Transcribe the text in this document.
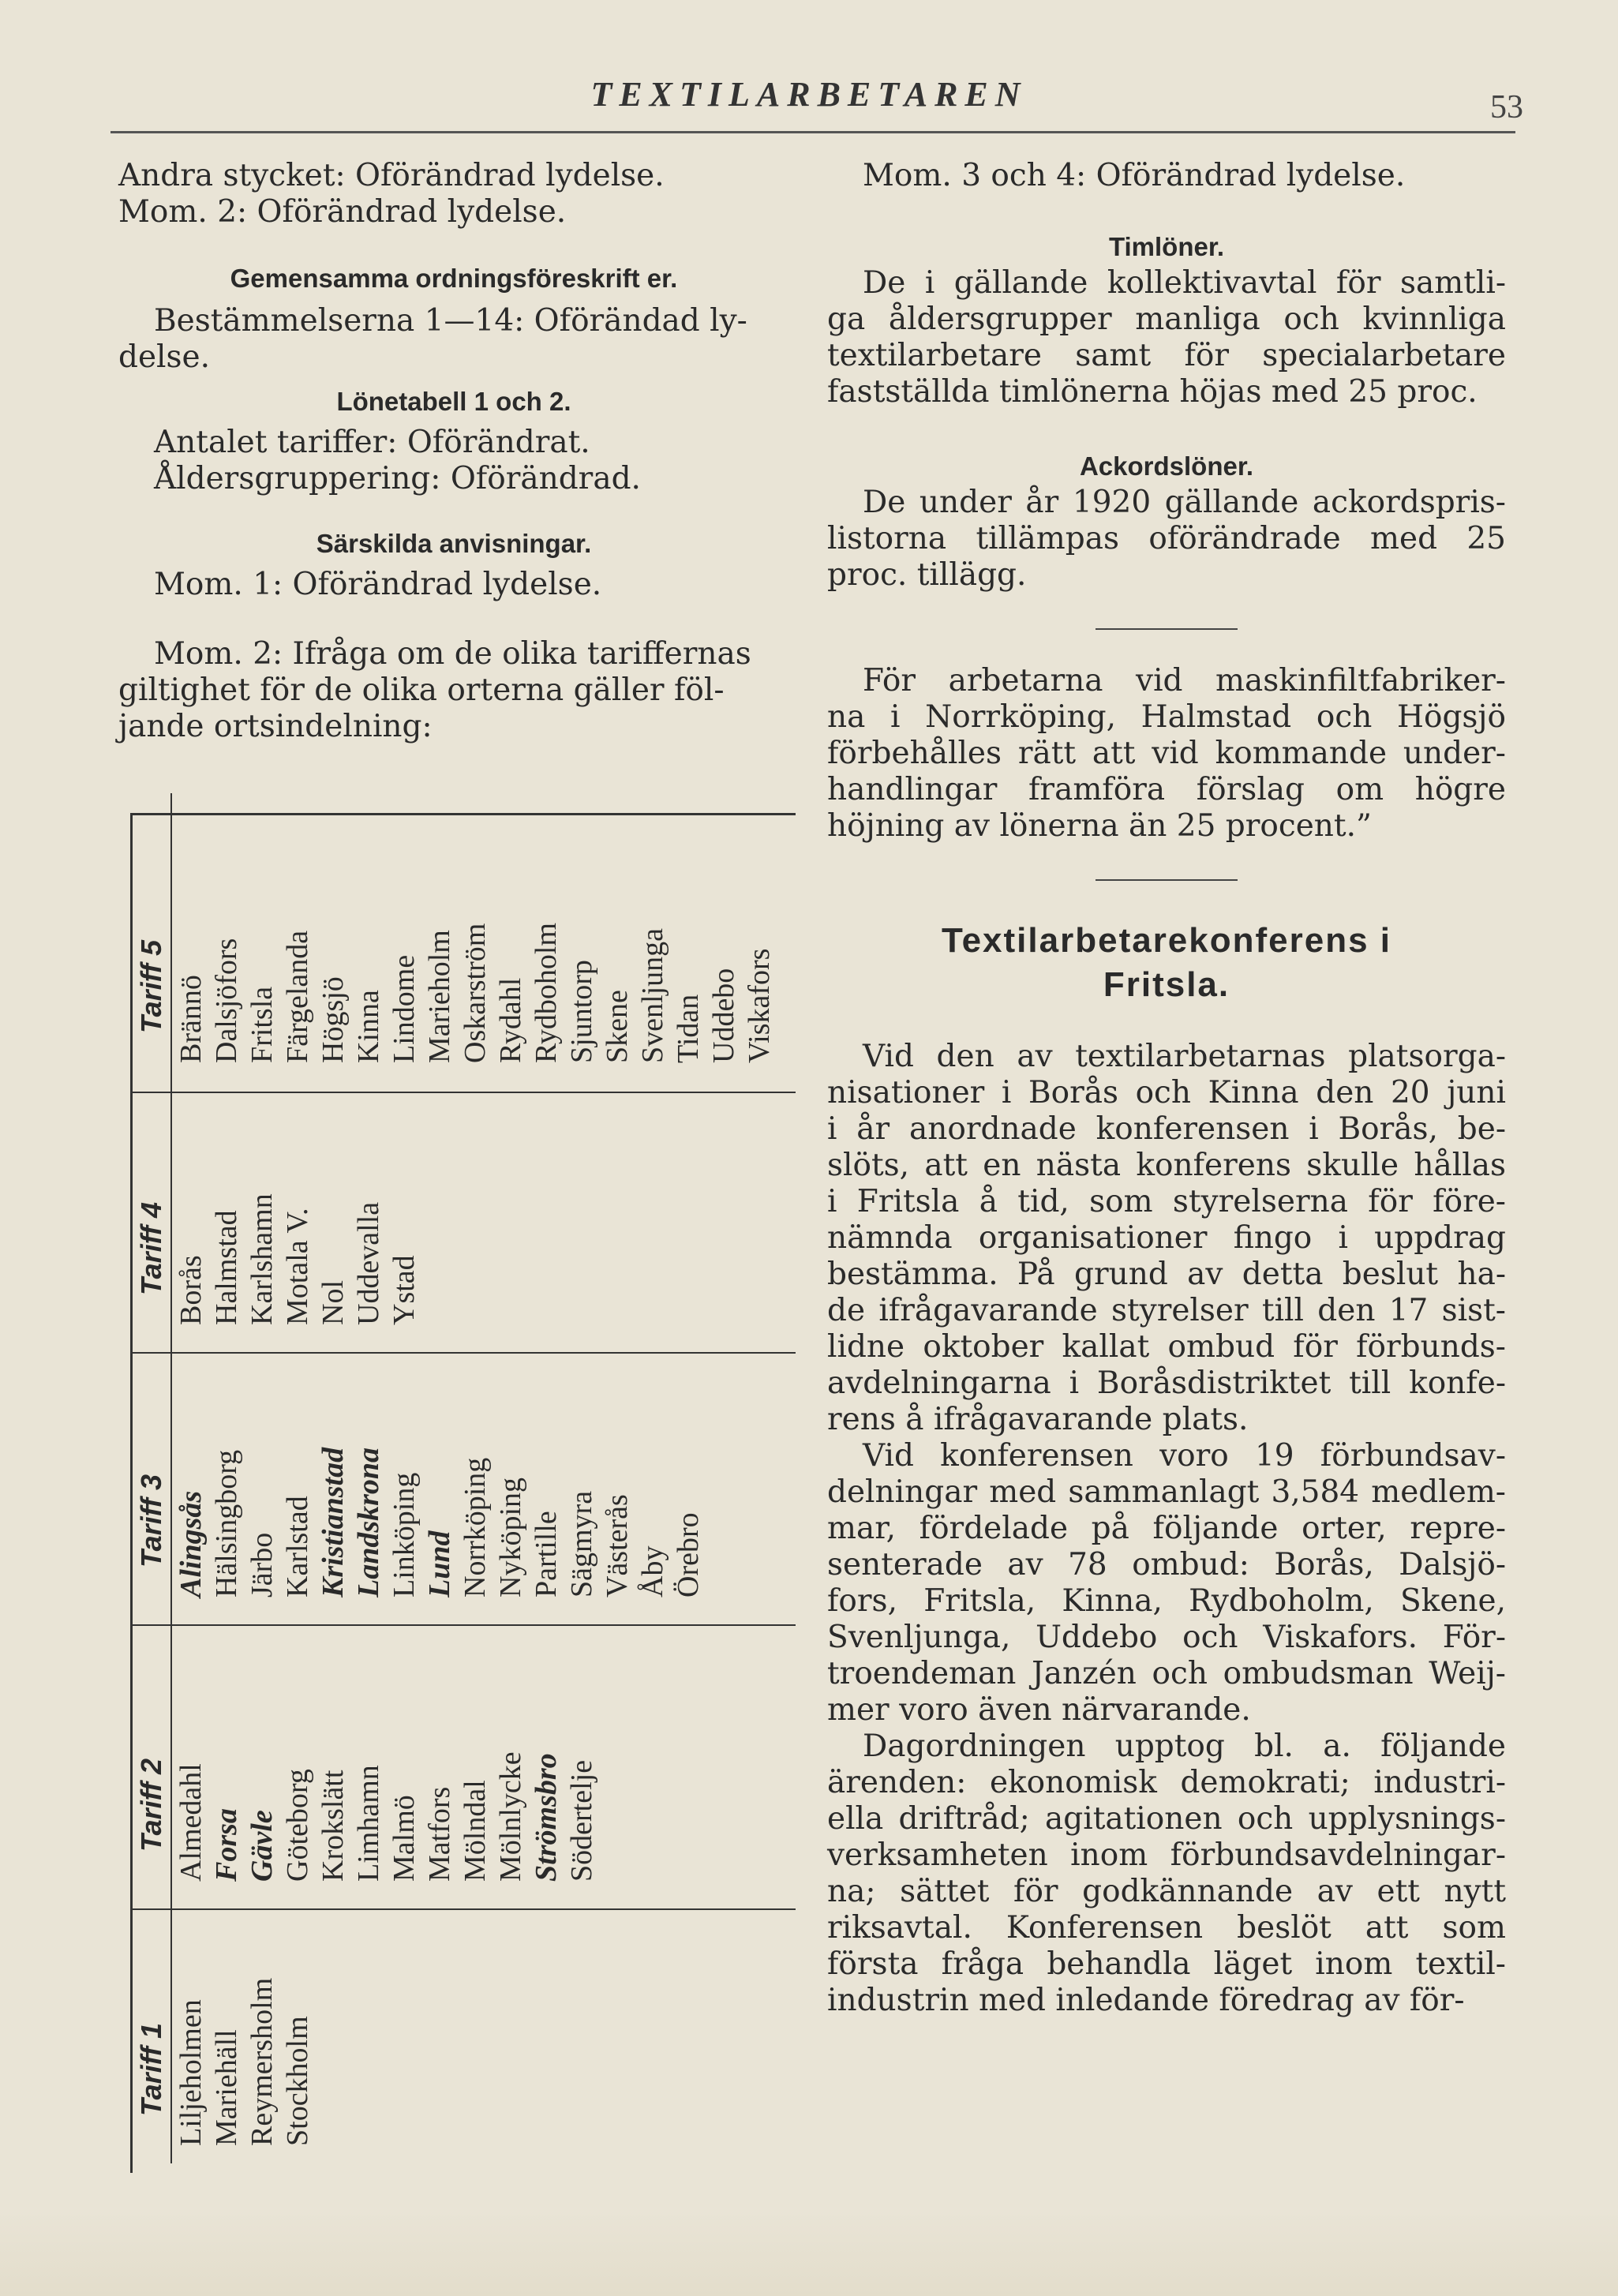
TEXTILARBETAREN	53

Andra stycket: Oförändrad lydelse.

Mom. 2: Oförändrad lydelse.

Gemensamma ordningsföreskrift er.

Bestämmelserna 1—14: Oförändad ly-

delse.

Lönetabell 1 och 2.

Antalet tariffer: Oförändrat.

Åldersgruppering: Oförändrad.

Särskilda anvisningar.

Mom. 1: Oförändrad lydelse.

Mom. 2: Ifråga om de olika tariffernas

giltighet för de olika orterna gäller föl-

jande ortsindelning:

Tariff 5 Brännö Dalsjöfors Fritsla Färgelanda Högsjö Kinna Lindome Marieholm Oskarström Rydahl Rydboholm Sjuntorp Skene Svenljunga Tidan Uddebo Viskafors
Tariff 4 Borås Halmstad Karlshamn Motala V. Nol Uddevalla Ystad
Tariff 3 Alingsås Hälsingborg Järbo Karlstad Kristianstad Landskrona Linköping Lund Norrköping Nyköping Partille Sägmyra Västerås Åby Örebro
Tariff 2 Almedahl Forsa Gävle Göteborg Krokslätt Limhamn Malmö Matfors Mölndal Mölnlycke Strömsbro Södertelje
Tariff 1 Liljeholmen Mariehäll Reymersholm Stockholm

Mom. 3 och 4: Oförändrad lydelse.

Timlöner.

De i gällande kollektivavtal för samtli-

ga åldersgrupper manliga och kvinnliga

textilarbetare samt för specialarbetare

fastställda timlönerna höjas med 25 proc.

Ackordslöner.

De under år 1920 gällande ackordspris-

listorna tillämpas oförändrade med 25

proc. tillägg.

För arbetarna vid maskinfiltfabriker-

na i Norrköping, Halmstad och Högsjö

förbehålles rätt att vid kommande under-

handlingar framföra förslag om högre

höjning av lönerna än 25 procent.”

Textilarbetarekonferens i

Fritsla.

Vid den av textilarbetarnas platsorga-

nisationer i Borås och Kinna den 20 juni

i år anordnade konferensen i Borås, be-

slöts, att en nästa konferens skulle hållas

i Fritsla å tid, som styrelserna för före-

nämnda organisationer fingo i uppdrag

bestämma. På grund av detta beslut ha-

de ifrågavarande styrelser till den 17 sist-

lidne oktober kallat ombud för förbunds-

avdelningarna i Boråsdistriktet till konfe-

rens å ifrågavarande plats.

Vid konferensen voro 19 förbundsav-

delningar med sammanlagt 3,584 medlem-

mar, fördelade på följande orter, repre-

senterade av 78 ombud: Borås, Dalsjö-

fors, Fritsla, Kinna, Rydboholm, Skene,

Svenljunga, Uddebo och Viskafors. För-

troendeman Janzén och ombudsman Weij-

mer voro även närvarande.

Dagordningen upptog bl. a. följande

ärenden: ekonomisk demokrati; industri-

ella driftråd; agitationen och upplysnings-

verksamheten inom förbundsavdelningar-

na; sättet för godkännande av ett nytt

riksavtal. Konferensen beslöt att som

första fråga behandla läget inom textil-

industrin med inledande föredrag av för-
